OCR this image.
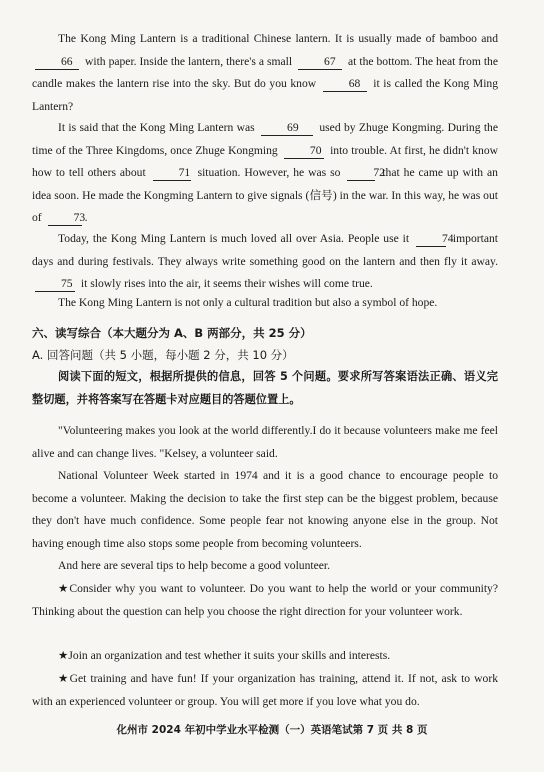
The Kong Ming Lantern is a traditional Chinese lantern. It is usually made of bamboo and 66 with paper. Inside the lantern, there's a small	67 at the bottom. The heat from the candle makes the lantern rise into the sky. But do you know	68 it is called the Kong Ming Lantern?

It is said that the Kong Ming Lantern was	69 used by Zhuge Kongming. During the time of the Three Kingdoms, once Zhuge Kongming	70 into trouble. At first, he didn't know how to tell others about	71 situation. However, he was so	72 that he came up with an idea soon. He made the Kongming Lantern to give signals (信号) in the war. In this way, he was out of	73.

Today, the Kong Ming Lantern is much loved all over Asia. People use it	74 important days and during festivals. They always write something good on the lantern and then fly it away. 75 it slowly rises into the air, it seems their wishes will come true.

The Kong Ming Lantern is not only a cultural tradition but also a symbol of hope.

六、读写综合（本大题分为 A、B 两部分，共 25 分）

A. 回答问题（共 5 小题，每小题 2 分，共 10 分）

阅读下面的短文，根据所提供的信息，回答 5 个问题。要求所写答案语法正确、语义完整切题，并将答案写在答题卡对应题目的答题位置上。

"Volunteering makes you look at the world differently.I do it because volunteers make me feel alive and can change lives. "Kelsey, a volunteer said.

National Volunteer Week started in 1974 and it is a good chance to encourage people to become a volunteer. Making the decision to take the first step can be the biggest problem, because they don't have much confidence. Some people fear not knowing anyone else in the group. Not having enough time also stops some people from becoming volunteers.

And here are several tips to help become a good volunteer.

★Consider why you want to volunteer. Do you want to help the world or your community? Thinking about the question can help you choose the right direction for your volunteer work.

★Join an organization and test whether it suits your skills and interests.

★Get training and have fun! If your organization has training, attend it. If not, ask to work with an experienced volunteer or group. You will get more if you love what you do.

化州市 2024 年初中学业水平检测（一）英语笔试第 7 页 共 8 页
